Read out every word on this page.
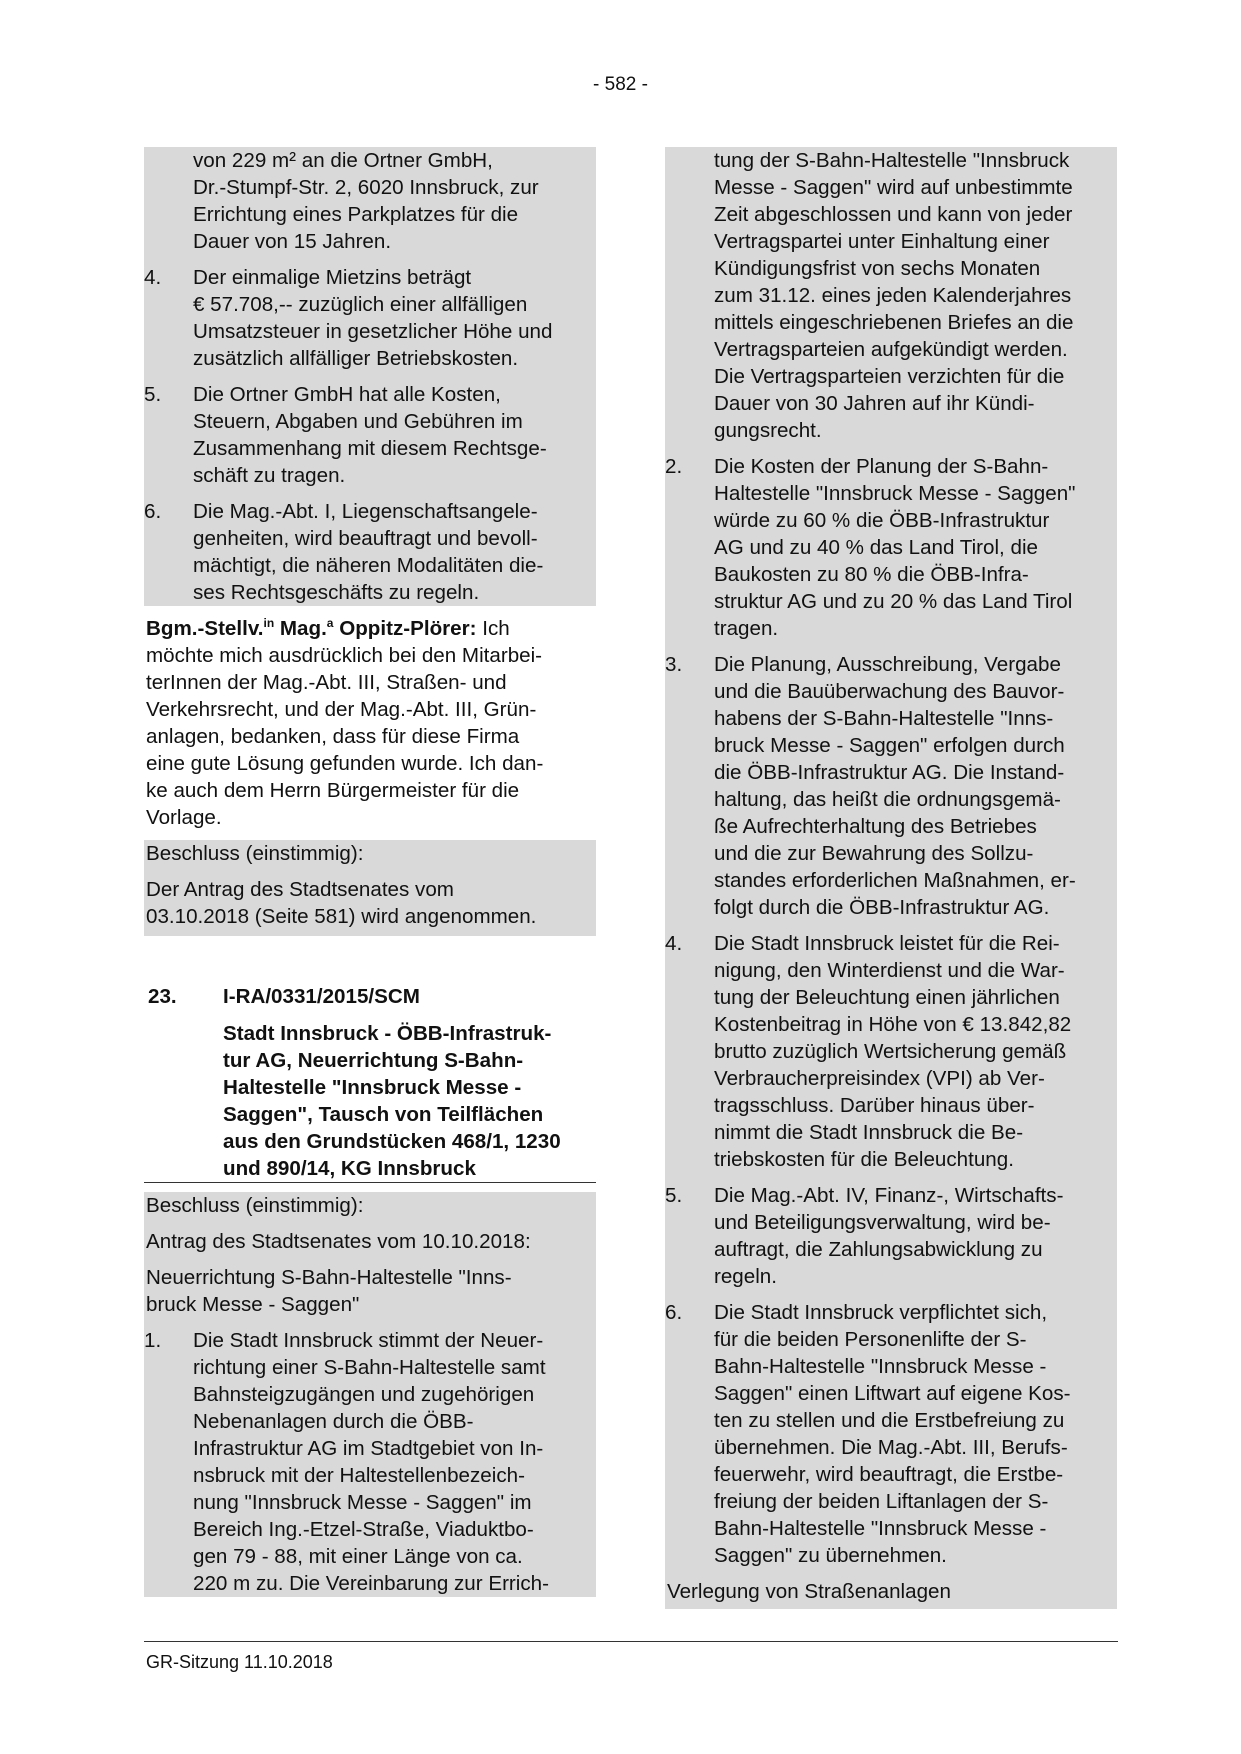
- 582 -
von 229 m² an die Ortner GmbH,
Dr.-Stumpf-Str. 2, 6020 Innsbruck, zur
Errichtung eines Parkplatzes für die
Dauer von 15 Jahren.
4.	Der einmalige Mietzins beträgt
€ 57.708,-- zuzüglich einer allfälligen
Umsatzsteuer in gesetzlicher Höhe und
zusätzlich allfälliger Betriebskosten.
5.	Die Ortner GmbH hat alle Kosten,
Steuern, Abgaben und Gebühren im
Zusammenhang mit diesem Rechtsge-
schäft zu tragen.
6.	Die Mag.-Abt. I, Liegenschaftsangele-
genheiten, wird beauftragt und bevoll-
mächtigt, die näheren Modalitäten die-
ses Rechtsgeschäfts zu regeln.
Bgm.-Stellv.$^{in}$ Mag.$^a$ Oppitz-Plörer: Ich
möchte mich ausdrücklich bei den Mitarbei-
terInnen der Mag.-Abt. III, Straßen- und
Verkehrsrecht, und der Mag.-Abt. III, Grün-
anlagen, bedanken, dass für diese Firma
eine gute Lösung gefunden wurde. Ich dan-
ke auch dem Herrn Bürgermeister für die
Vorlage.
Beschluss (einstimmig):
Der Antrag des Stadtsenates vom
03.10.2018 (Seite 581) wird angenommen.
23.	I-RA/0331/2015/SCM
Stadt Innsbruck - ÖBB-Infrastruk-
tur AG, Neuerrichtung S-Bahn-
Haltestelle "Innsbruck Messe -
Saggen", Tausch von Teilflächen
aus den Grundstücken 468/1, 1230
und 890/14, KG Innsbruck
Beschluss (einstimmig):
Antrag des Stadtsenates vom 10.10.2018:
Neuerrichtung S-Bahn-Haltestelle "Inns-
bruck Messe - Saggen"
1.	Die Stadt Innsbruck stimmt der Neuer-
richtung einer S-Bahn-Haltestelle samt
Bahnsteigzugängen und zugehörigen
Nebenanlagen durch die ÖBB-
Infrastruktur AG im Stadtgebiet von In-
nsbruck mit der Haltestellenbezeich-
nung "Innsbruck Messe - Saggen" im
Bereich Ing.-Etzel-Straße, Viaduktbo-
gen 79 - 88, mit einer Länge von ca.
220 m zu. Die Vereinbarung zur Errich-
tung der S-Bahn-Haltestelle "Innsbruck
Messe - Saggen" wird auf unbestimmte
Zeit abgeschlossen und kann von jeder
Vertragspartei unter Einhaltung einer
Kündigungsfrist von sechs Monaten
zum 31.12. eines jeden Kalenderjahres
mittels eingeschriebenen Briefes an die
Vertragsparteien aufgekündigt werden.
Die Vertragsparteien verzichten für die
Dauer von 30 Jahren auf ihr Kündi-
gungsrecht.
2.	Die Kosten der Planung der S-Bahn-
Haltestelle "Innsbruck Messe - Saggen"
würde zu 60 % die ÖBB-Infrastruktur
AG und zu 40 % das Land Tirol, die
Baukosten zu 80 % die ÖBB-Infra-
struktur AG und zu 20 % das Land Tirol
tragen.
3.	Die Planung, Ausschreibung, Vergabe
und die Bauüberwachung des Bauvor-
habens der S-Bahn-Haltestelle "Inns-
bruck Messe - Saggen" erfolgen durch
die ÖBB-Infrastruktur AG. Die Instand-
haltung, das heißt die ordnungsgemä-
ße Aufrechterhaltung des Betriebes
und die zur Bewahrung des Sollzu-
standes erforderlichen Maßnahmen, er-
folgt durch die ÖBB-Infrastruktur AG.
4.	Die Stadt Innsbruck leistet für die Rei-
nigung, den Winterdienst und die War-
tung der Beleuchtung einen jährlichen
Kostenbeitrag in Höhe von € 13.842,82
brutto zuzüglich Wertsicherung gemäß
Verbraucherpreisindex (VPI) ab Ver-
tragsschluss. Darüber hinaus über-
nimmt die Stadt Innsbruck die Be-
triebskosten für die Beleuchtung.
5.	Die Mag.-Abt. IV, Finanz-, Wirtschafts-
und Beteiligungsverwaltung, wird be-
auftragt, die Zahlungsabwicklung zu
regeln.
6.	Die Stadt Innsbruck verpflichtet sich,
für die beiden Personenlifte der S-
Bahn-Haltestelle "Innsbruck Messe -
Saggen" einen Liftwart auf eigene Kos-
ten zu stellen und die Erstbefreiung zu
übernehmen. Die Mag.-Abt. III, Berufs-
feuerwehr, wird beauftragt, die Erstbe-
freiung der beiden Liftanlagen der S-
Bahn-Haltestelle "Innsbruck Messe -
Saggen" zu übernehmen.
Verlegung von Straßenanlagen
GR-Sitzung 11.10.2018
